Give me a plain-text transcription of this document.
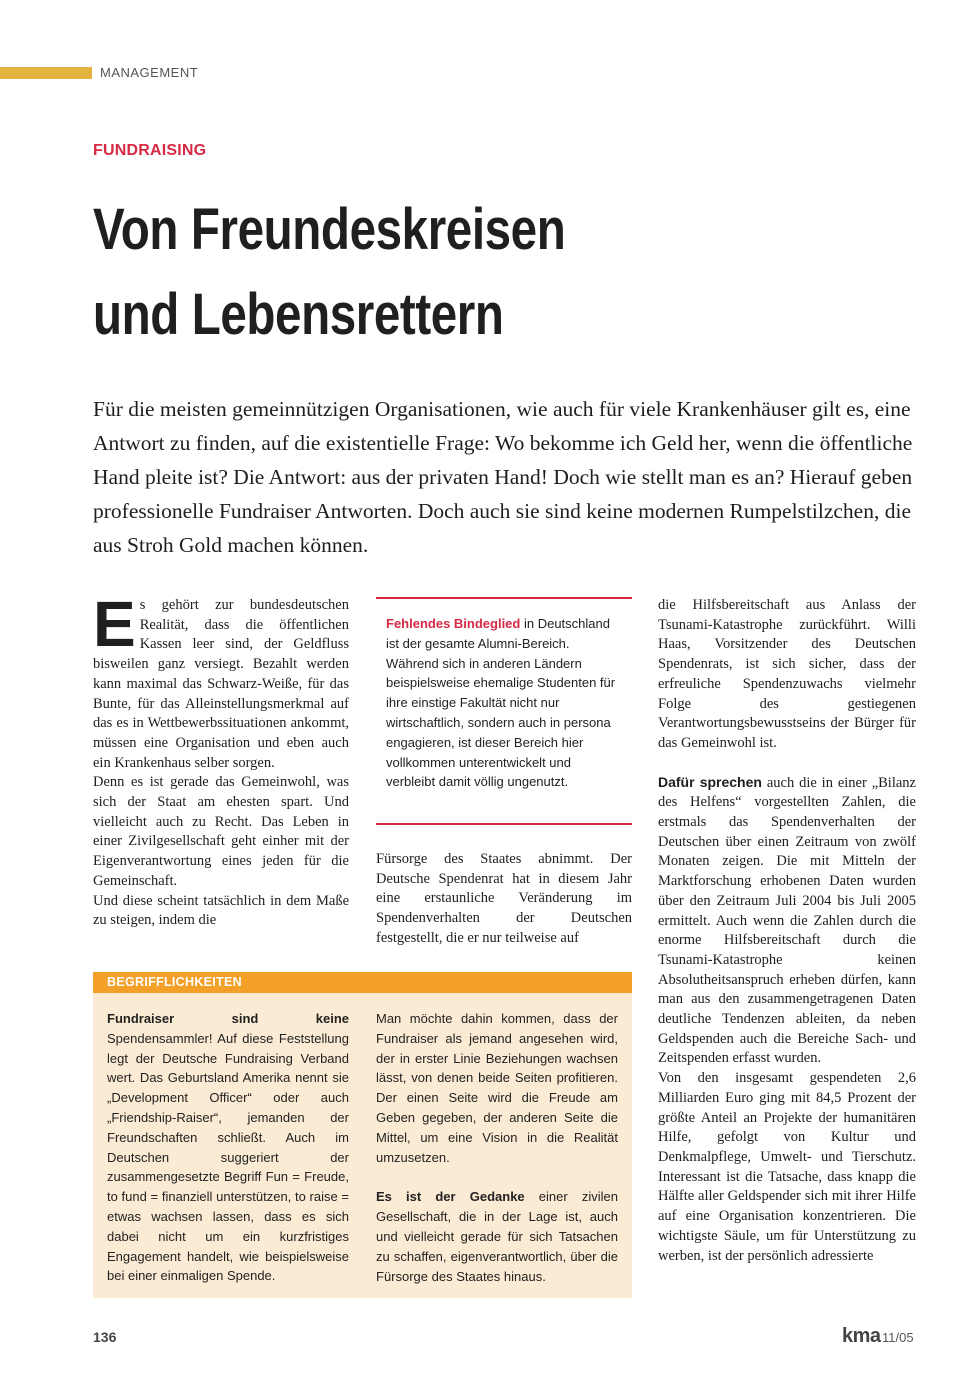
MANAGEMENT
FUNDRAISING
Von Freundeskreisen
und Lebensrettern
Für die meisten gemeinnützigen Organisationen, wie auch für viele Krankenhäuser gilt es, eine Antwort zu finden, auf die existentielle Frage: Wo bekomme ich Geld her, wenn die öffentliche Hand pleite ist? Die Antwort: aus der privaten Hand! Doch wie stellt man es an? Hierauf geben professionelle Fundraiser Antworten. Doch auch sie sind keine modernen Rumpelstilzchen, die aus Stroh Gold machen können.
E s gehört zur bundesdeutschen Realität, dass die öffentlichen Kassen leer sind, der Geldfluss bisweilen ganz versiegt. Bezahlt werden kann maximal das Schwarz-Weiße, für das Bunte, für das Alleinstellungsmerkmal auf das es in Wettbewerbssituationen ankommt, müssen eine Organisation und eben auch ein Krankenhaus selber sorgen.

Denn es ist gerade das Gemeinwohl, was sich der Staat am ehesten spart. Und vielleicht auch zu Recht. Das Leben in einer Zivilgesellschaft geht einher mit der Eigenverantwortung eines jeden für die Gemeinschaft.

Und diese scheint tatsächlich in dem Maße zu steigen, indem die

Fehlendes Bindeglied in Deutschland ist der gesamte Alumni-Bereich. Während sich in anderen Ländern beispielsweise ehemalige Studenten für ihre einstige Fakultät nicht nur wirtschaftlich, sondern auch in persona engagieren, ist dieser Bereich hier vollkommen unterentwickelt und verbleibt damit völlig ungenutzt.

Fürsorge des Staates abnimmt. Der Deutsche Spendenrat hat in diesem Jahr eine erstaunliche Veränderung im Spendenverhalten der Deutschen festgestellt, die er nur teilweise auf

die Hilfsbereitschaft aus Anlass der Tsunami-Katastrophe zurückführt. Willi Haas, Vorsitzender des Deutschen Spendenrats, ist sich sicher, dass der erfreuliche Spendenzuwachs vielmehr Folge des gestiegenen Verantwortungsbewusstseins der Bürger für das Gemeinwohl ist.

Dafür sprechen auch die in einer „Bilanz des Helfens“ vorgestellten Zahlen, die erstmals das Spendenverhalten der Deutschen über einen Zeitraum von zwölf Monaten zeigen. Die mit Mitteln der Marktforschung erhobenen Daten wurden über den Zeitraum Juli 2004 bis Juli 2005 ermittelt. Auch wenn die Zahlen durch die enorme Hilfsbereitschaft durch die Tsunami-Katastrophe keinen Absolutheitsanspruch erheben dürfen, kann man aus den zusammengetragenen Daten deutliche Tendenzen ableiten, da neben Geldspenden auch die Bereiche Sach- und Zeitspenden erfasst wurden.

Von den insgesamt gespendeten 2,6 Milliarden Euro ging mit 84,5 Prozent der größte Anteil an Projekte der humanitären Hilfe, gefolgt von Kultur und Denkmalpflege, Umwelt- und Tierschutz. Interessant ist die Tatsache, dass knapp die Hälfte aller Geldspender sich mit ihrer Hilfe auf eine Organisation konzentrieren. Die wichtigste Säule, um für Unterstützung zu werben, ist der persönlich adressierte

BEGRIFFLICHKEITEN

Fundraiser sind keine Spendensammler! Auf diese Feststellung legt der Deutsche Fundraising Verband wert. Das Geburtsland Amerika nennt sie „Development Officer“ oder auch „Friendship-Raiser“, jemanden der Freundschaften schließt. Auch im Deutschen suggeriert der zusammengesetzte Begriff Fun = Freude, to fund = finanziell unterstützen, to raise = etwas wachsen lassen, dass es sich dabei nicht um ein kurzfristiges Engagement handelt, wie beispielsweise bei einer einmaligen Spende.

Man möchte dahin kommen, dass der Fundraiser als jemand angesehen wird, der in erster Linie Beziehungen wachsen lässt, von denen beide Seiten profitieren. Der einen Seite wird die Freude am Geben gegeben, der anderen Seite die Mittel, um eine Vision in die Realität umzusetzen.

Es ist der Gedanke einer zivilen Gesellschaft, die in der Lage ist, auch und vielleicht gerade für sich Tatsachen zu schaffen, eigenverantwortlich, über die Fürsorge des Staates hinaus.

136	kma 11/05
